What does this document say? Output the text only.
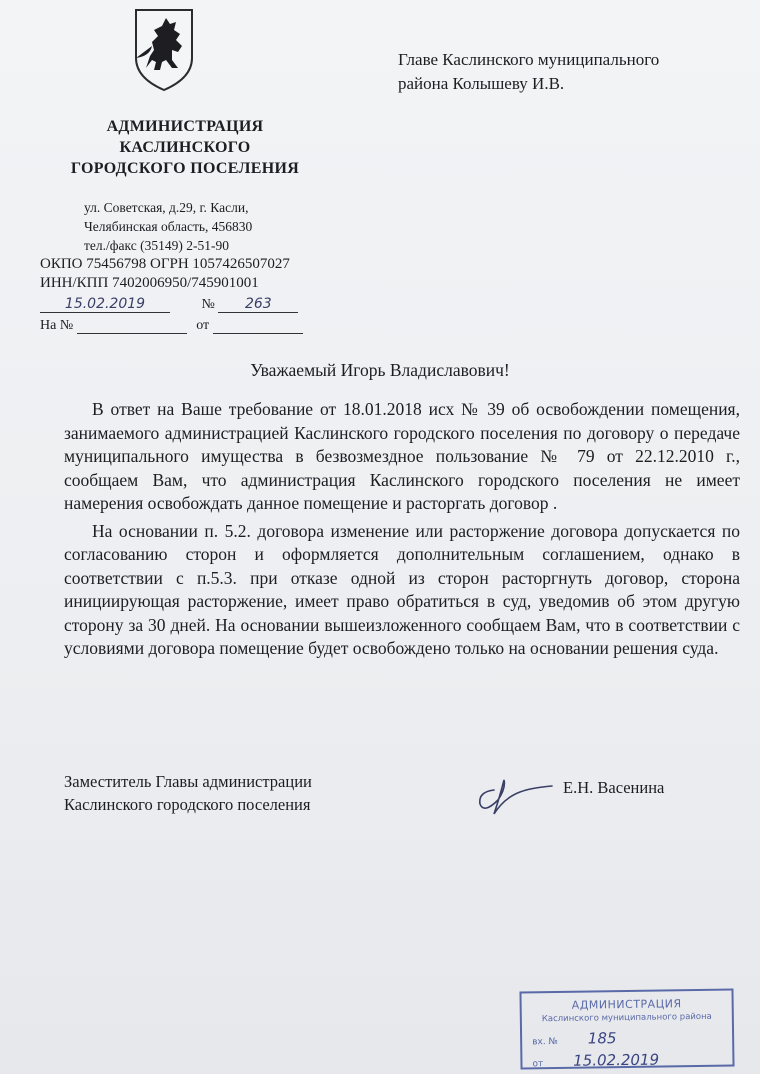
Главе Каслинского муниципального
района Колышеву И.В.
АДМИНИСТРАЦИЯ
КАСЛИНСКОГО
ГОРОДСКОГО ПОСЕЛЕНИЯ
ул. Советская, д.29, г. Касли,
Челябинская область, 456830
тел./факс (35149) 2-51-90
ОКПО 75456798 ОГРН 1057426507027
ИНН/КПП 7402006950/745901001
15.02.2019	№ 263
На №	от
Уважаемый Игорь Владиславович!

В ответ на Ваше требование от 18.01.2018 исх № 39 об освобождении помещения, занимаемого администрацией Каслинского городского поселения по договору о передаче муниципального имущества в безвозмездное пользование № 79 от 22.12.2010 г., сообщаем Вам, что администрация Каслинского городского поселения не имеет намерения освобождать данное помещение и расторгать договор .

На основании п. 5.2. договора изменение или расторжение договора допускается по согласованию сторон и оформляется дополнительным соглашением, однако в соответствии с п.5.3. при отказе одной из сторон расторгнуть договор, сторона инициирующая расторжение, имеет право обратиться в суд, уведомив об этом другую сторону за 30 дней. На основании вышеизложенного сообщаем Вам, что в соответствии с условиями договора помещение будет освобождено только на основании решения суда.

Заместитель Главы администрации
Каслинского городского поселения
Е.Н. Васенина
АДМИНИСТРАЦИЯ
Каслинского муниципального района
вх. № 185
от 15.02.2019
